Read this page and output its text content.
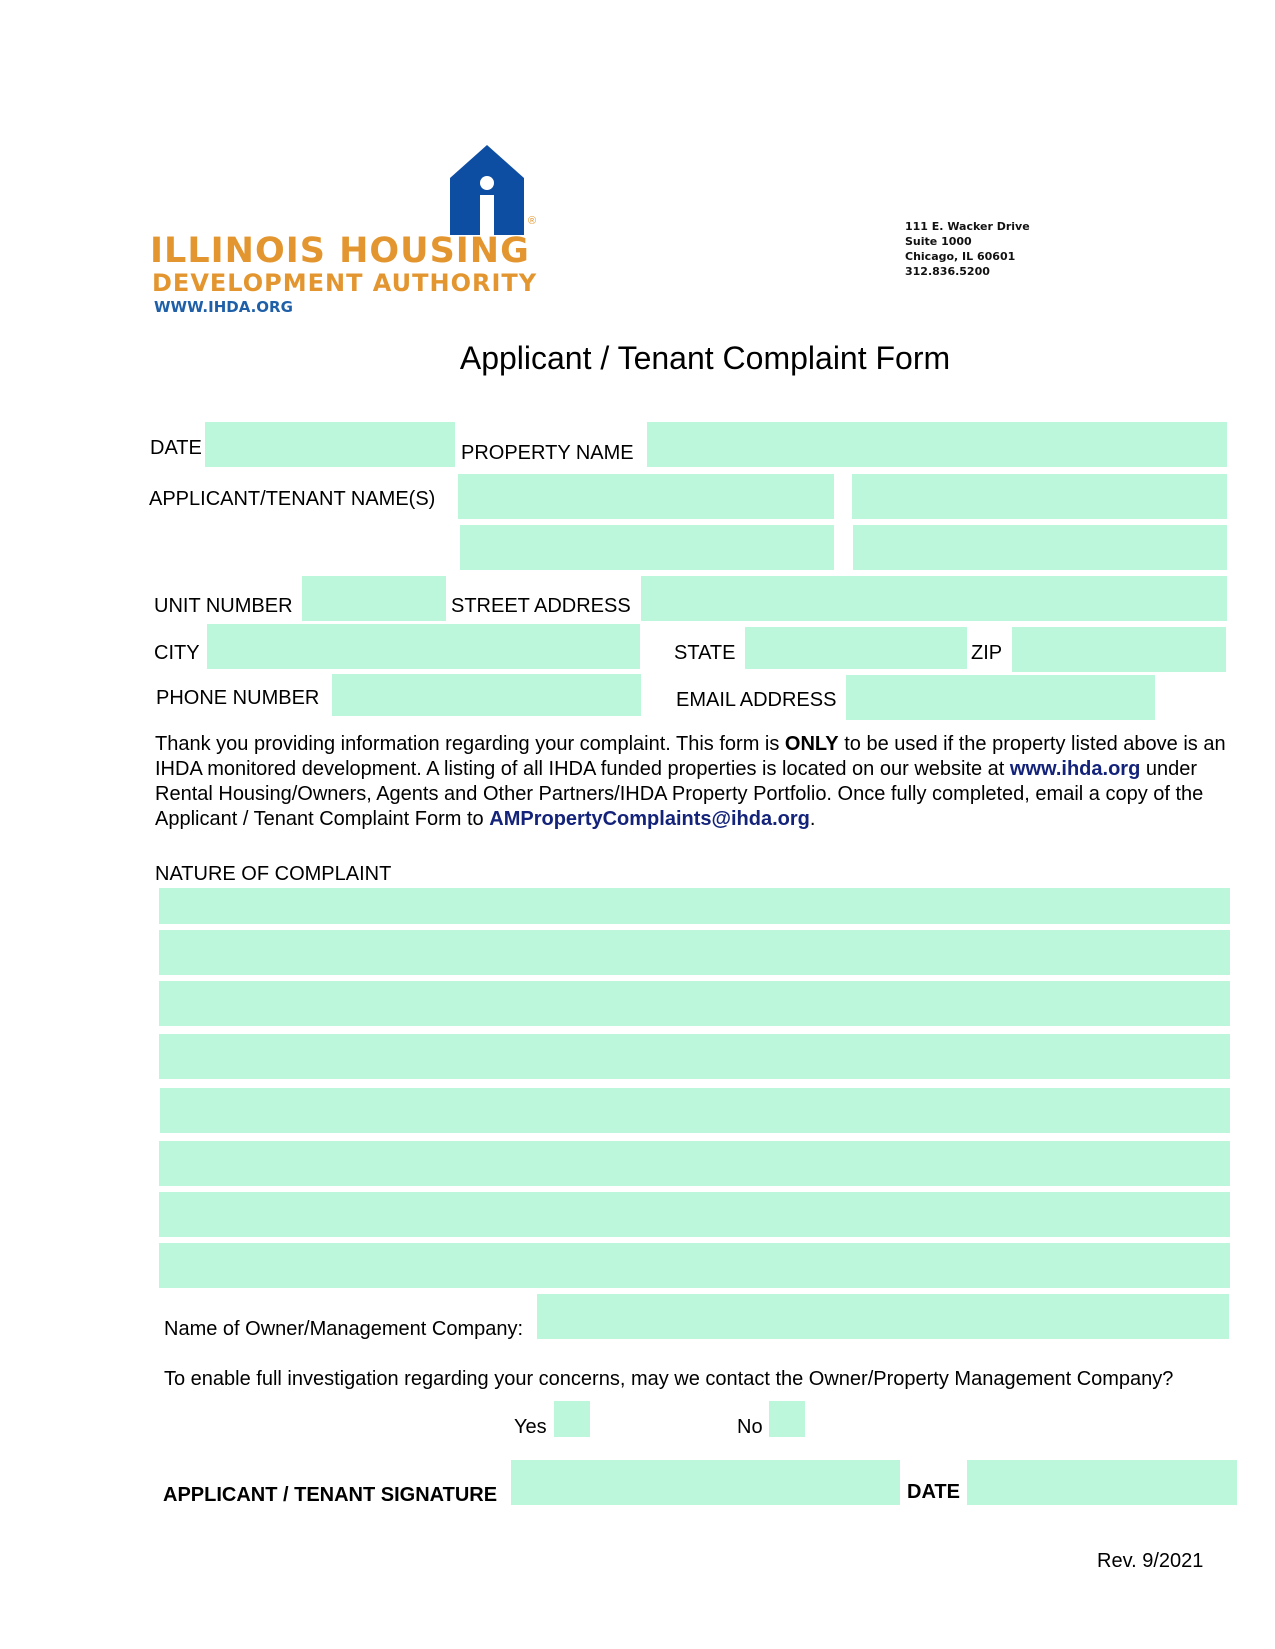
®
ILLINOIS HOUSING
DEVELOPMENT AUTHORITY
WWW.IHDA.ORG
111 E. Wacker Drive
Suite 1000
Chicago, IL 60601
312.836.5200
Applicant / Tenant Complaint Form
DATE	PROPERTY NAME
APPLICANT/TENANT NAME(S)
UNIT NUMBER	STREET ADDRESS
CITY	STATE	ZIP
PHONE NUMBER	EMAIL ADDRESS
Thank you providing information regarding your complaint. This form is ONLY to be used if the property listed above is an IHDA monitored development. A listing of all IHDA funded properties is located on our website at www.ihda.org under Rental Housing/Owners, Agents and Other Partners/IHDA Property Portfolio. Once fully completed, email a copy of the Applicant / Tenant Complaint Form to AMPropertyComplaints@ihda.org.
NATURE OF COMPLAINT
Name of Owner/Management Company:
To enable full investigation regarding your concerns, may we contact the Owner/Property Management Company?
Yes	No
APPLICANT / TENANT SIGNATURE	DATE
Rev. 9/2021
